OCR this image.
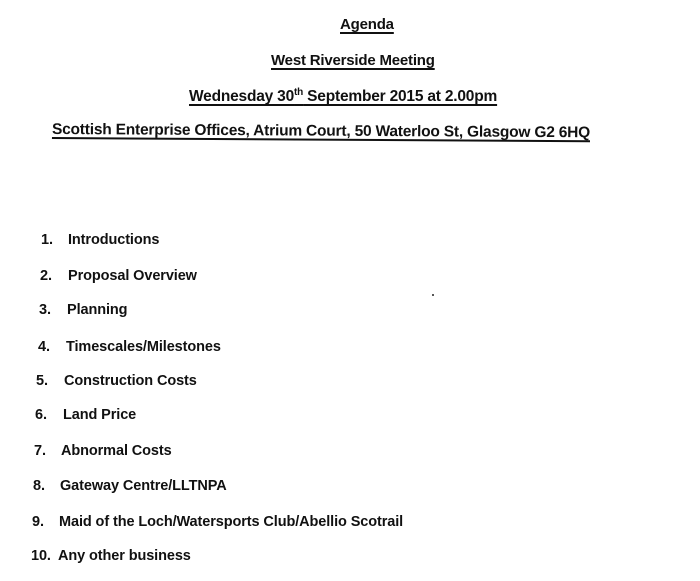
Agenda
West Riverside Meeting
Wednesday 30th September 2015 at 2.00pm
Scottish Enterprise Offices, Atrium Court, 50 Waterloo St, Glasgow G2 6HQ
1. Introductions
2. Proposal Overview
3. Planning
4. Timescales/Milestones
5. Construction Costs
6. Land Price
7. Abnormal Costs
8. Gateway Centre/LLTNPA
9. Maid of the Loch/Watersports Club/Abellio Scotrail
10. Any other business
